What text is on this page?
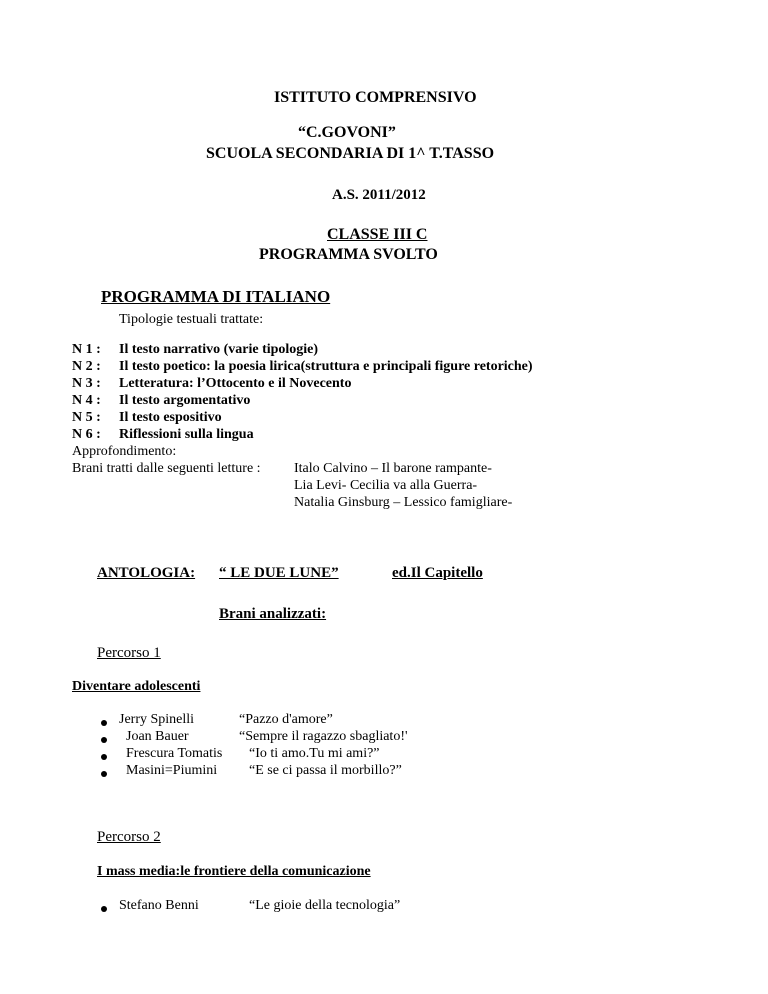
ISTITUTO COMPRENSIVO
“C.GOVONI”
SCUOLA SECONDARIA DI 1^ T.TASSO
A.S. 2011/2012
CLASSE III C
PROGRAMMA SVOLTO
PROGRAMMA DI ITALIANO
Tipologie testuali trattate:
N 1 : Il testo narrativo (varie tipologie)
N 2 : Il testo poetico: la poesia lirica(struttura e principali figure retoriche)
N 3 : Letteratura: l’Ottocento e il Novecento
N 4 : Il testo argomentativo
N 5 : Il testo espositivo
N 6 : Riflessioni sulla lingua
Approfondimento:
Brani tratti dalle seguenti letture : Italo Calvino – Il barone rampante-
Lia Levi- Cecilia va alla Guerra-
Natalia Ginsburg – Lessico famigliare-
ANTOLOGIA: “ LE DUE LUNE”	ed.Il Capitello
Brani analizzati:
Percorso 1
Diventare adolescenti
Jerry Spinelli	“Pazzo d'amore”
Joan Bauer	“Sempre il ragazzo sbagliato!'
Frescura Tomatis “Io ti amo.Tu mi ami?”
Masini=Piumini “E se ci passa il morbillo?”
Percorso 2
I mass media:le frontiere della comunicazione
Stefano Benni	“Le gioie della tecnologia”
